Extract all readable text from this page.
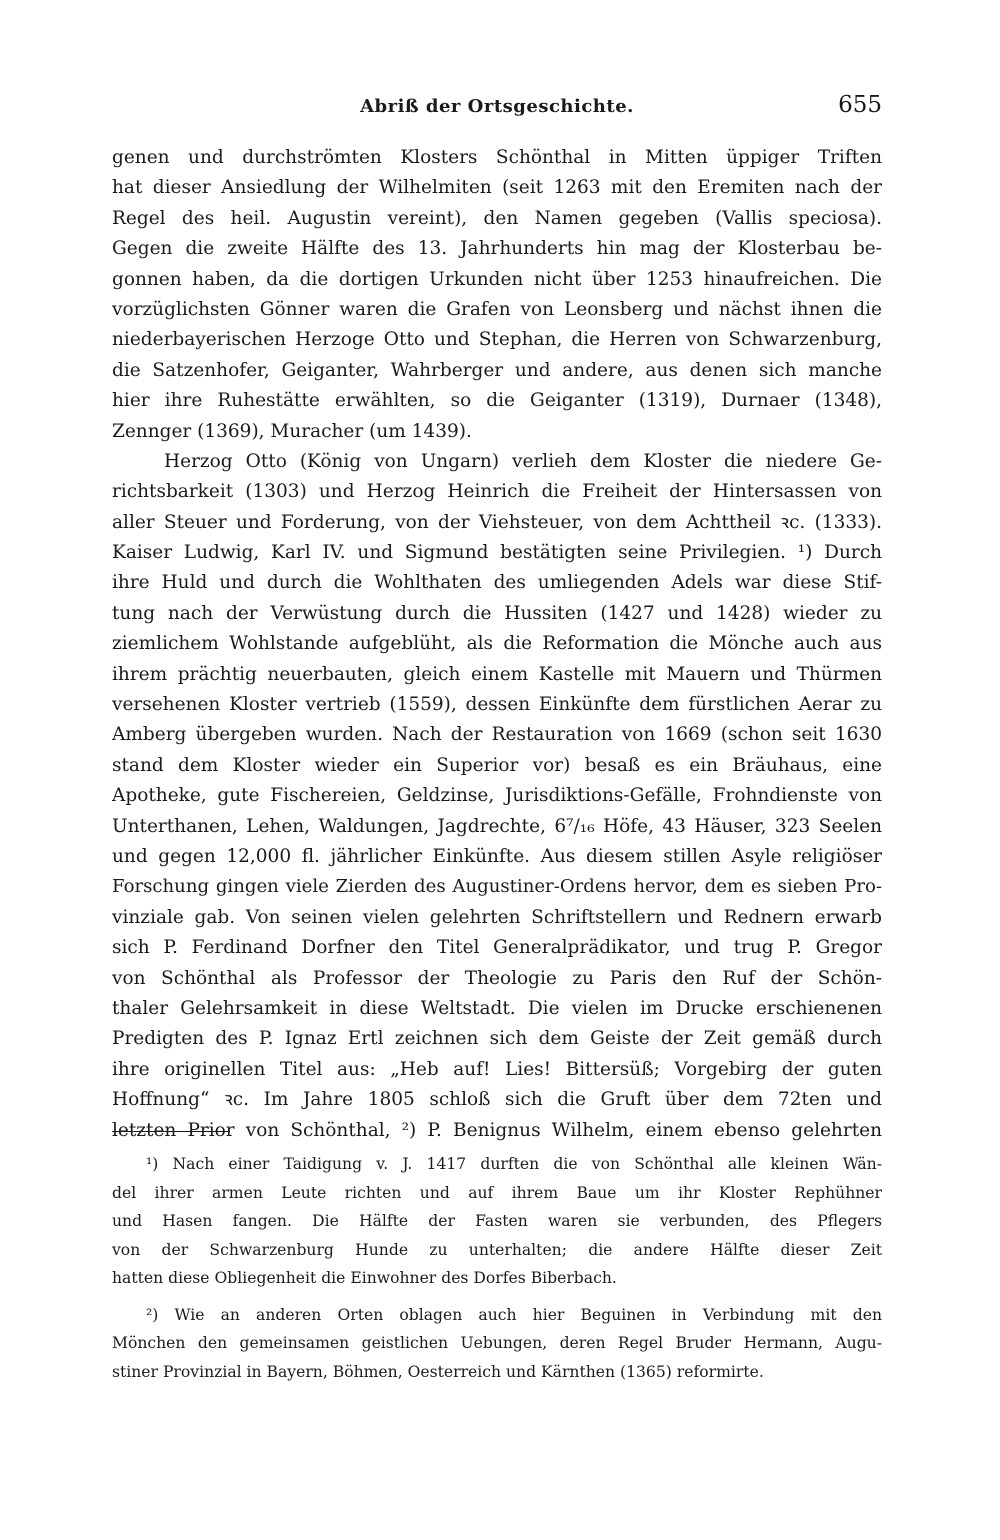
Abriß der Ortsgeschichte.	655
genen und durchströmten Klosters Schönthal in Mitten üppiger Triften
hat dieser Ansiedlung der Wilhelmiten (seit 1263 mit den Eremiten nach der
Regel des heil. Augustin vereint), den Namen gegeben (Vallis speciosa).
Gegen die zweite Hälfte des 13. Jahrhunderts hin mag der Klosterbau be-
gonnen haben, da die dortigen Urkunden nicht über 1253 hinaufreichen. Die
vorzüglichsten Gönner waren die Grafen von Leonsberg und nächst ihnen die
niederbayerischen Herzoge Otto und Stephan, die Herren von Schwarzenburg,
die Satzenhofer, Geiganter, Wahrberger und andere, aus denen sich manche
hier ihre Ruhestätte erwählten, so die Geiganter (1319), Durnaer (1348),
Zennger (1369), Muracher (um 1439).
Herzog Otto (König von Ungarn) verlieh dem Kloster die niedere Ge-
richtsbarkeit (1303) und Herzog Heinrich die Freiheit der Hintersassen von
aller Steuer und Forderung, von der Viehsteuer, von dem Achttheil ꝛc. (1333).
Kaiser Ludwig, Karl IV. und Sigmund bestätigten seine Privilegien. ¹) Durch
ihre Huld und durch die Wohlthaten des umliegenden Adels war diese Stif-
tung nach der Verwüstung durch die Hussiten (1427 und 1428) wieder zu
ziemlichem Wohlstande aufgeblüht, als die Reformation die Mönche auch aus
ihrem prächtig neuerbauten, gleich einem Kastelle mit Mauern und Thürmen
versehenen Kloster vertrieb (1559), dessen Einkünfte dem fürstlichen Aerar zu
Amberg übergeben wurden. Nach der Restauration von 1669 (schon seit 1630
stand dem Kloster wieder ein Superior vor) besaß es ein Bräuhaus, eine
Apotheke, gute Fischereien, Geldzinse, Jurisdiktions-Gefälle, Frohndienste von
Unterthanen, Lehen, Waldungen, Jagdrechte, 6⁷/₁₆ Höfe, 43 Häuser, 323 Seelen
und gegen 12,000 fl. jährlicher Einkünfte. Aus diesem stillen Asyle religiöser
Forschung gingen viele Zierden des Augustiner-Ordens hervor, dem es sieben Pro-
vinziale gab. Von seinen vielen gelehrten Schriftstellern und Rednern erwarb
sich P. Ferdinand Dorfner den Titel Generalprädikator, und trug P. Gregor
von Schönthal als Professor der Theologie zu Paris den Ruf der Schön-
thaler Gelehrsamkeit in diese Weltstadt. Die vielen im Drucke erschienenen
Predigten des P. Ignaz Ertl zeichnen sich dem Geiste der Zeit gemäß durch
ihre originellen Titel aus: „Heb auf! Lies! Bittersüß; Vorgebirg der guten
Hoffnung“ ꝛc. Im Jahre 1805 schloß sich die Gruft über dem 72ten und
letzten Prior von Schönthal, ²) P. Benignus Wilhelm, einem ebenso gelehrten
¹) Nach einer Taidigung v. J. 1417 durften die von Schönthal alle kleinen Wän-
del ihrer armen Leute richten und auf ihrem Baue um ihr Kloster Rephühner
und Hasen fangen. Die Hälfte der Fasten waren sie verbunden, des Pflegers
von der Schwarzenburg Hunde zu unterhalten; die andere Hälfte dieser Zeit
hatten diese Obliegenheit die Einwohner des Dorfes Biberbach.
²) Wie an anderen Orten oblagen auch hier Beguinen in Verbindung mit den
Mönchen den gemeinsamen geistlichen Uebungen, deren Regel Bruder Hermann, Augu-
stiner Provinzial in Bayern, Böhmen, Oesterreich und Kärnthen (1365) reformirte.
